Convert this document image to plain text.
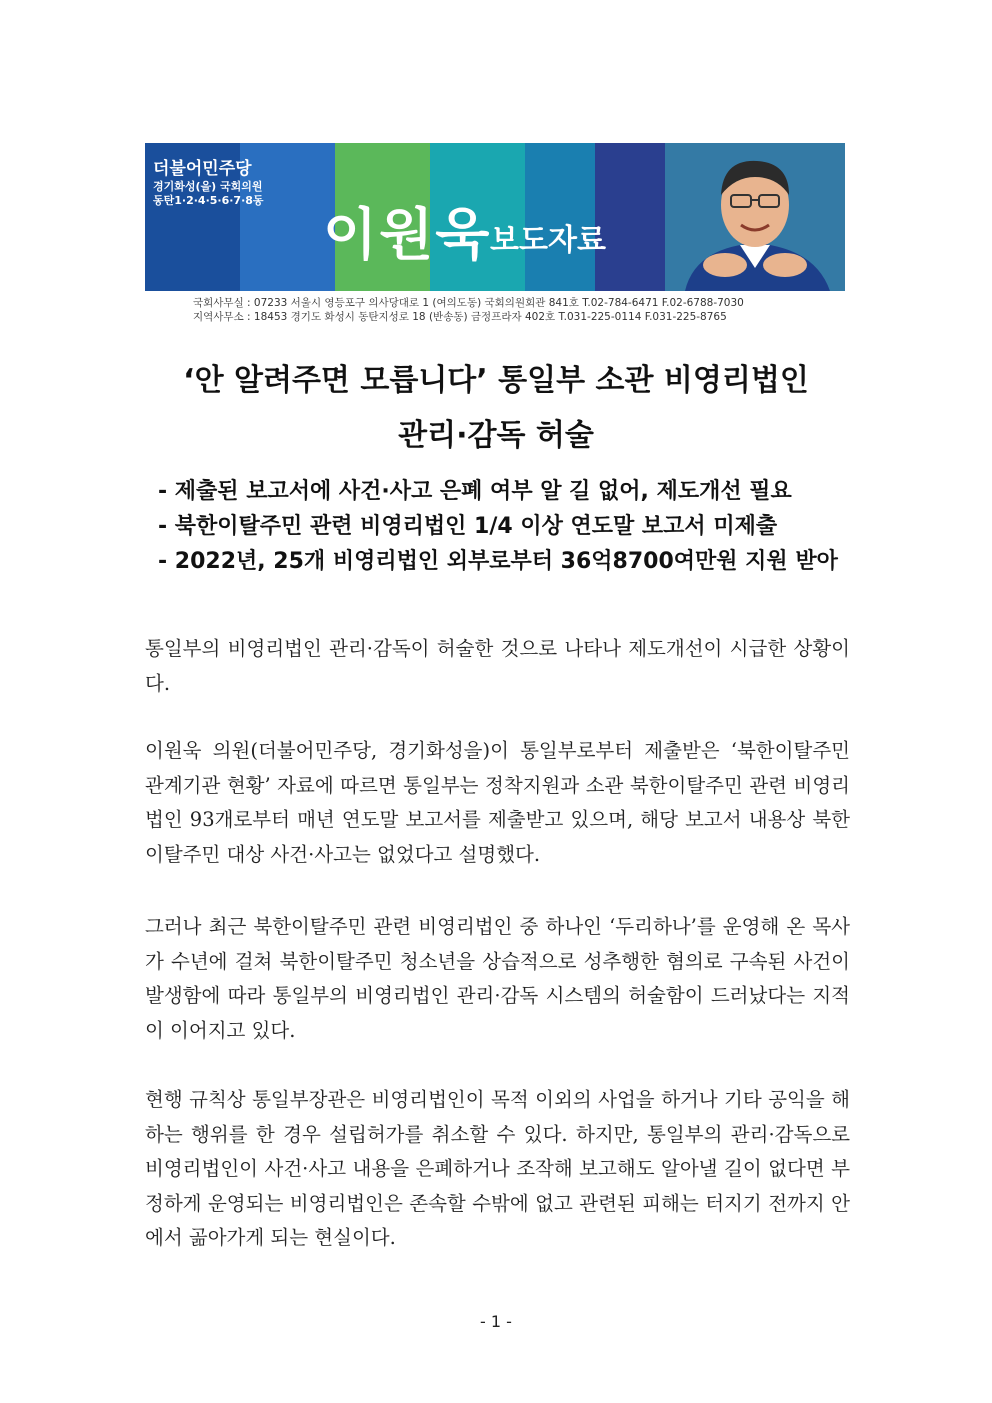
더불어민주당
경기화성(을) 국회의원
동탄1·2·4·5·6·7·8동
이원욱
보도자료
국회사무실 : 07233 서울시 영등포구 의사당대로 1 (여의도동) 국회의원회관 841호 T.02-784-6471 F.02-6788-7030
지역사무소 : 18453 경기도 화성시 동탄지성로 18 (반송동) 금정프라자 402호 T.031-225-0114 F.031-225-8765
‘안 알려주면 모릅니다’ 통일부 소관 비영리법인
관리·감독 허술
- 제출된 보고서에 사건·사고 은폐 여부 알 길 없어, 제도개선 필요
- 북한이탈주민 관련 비영리법인 1/4 이상 연도말 보고서 미제출
- 2022년, 25개 비영리법인 외부로부터 36억8700여만원 지원 받아
통일부의 비영리법인 관리·감독이 허술한 것으로 나타나 제도개선이 시급한 상황이다.
이원욱 의원(더불어민주당, 경기화성을)이 통일부로부터 제출받은 ‘북한이탈주민 관계기관 현황’ 자료에 따르면 통일부는 정착지원과 소관 북한이탈주민 관련 비영리법인 93개로부터 매년 연도말 보고서를 제출받고 있으며, 해당 보고서 내용상 북한이탈주민 대상 사건·사고는 없었다고 설명했다.
그러나 최근 북한이탈주민 관련 비영리법인 중 하나인 ‘두리하나’를 운영해 온 목사가 수년에 걸쳐 북한이탈주민 청소년을 상습적으로 성추행한 혐의로 구속된 사건이 발생함에 따라 통일부의 비영리법인 관리·감독 시스템의 허술함이 드러났다는 지적이 이어지고 있다.
현행 규칙상 통일부장관은 비영리법인이 목적 이외의 사업을 하거나 기타 공익을 해하는 행위를 한 경우 설립허가를 취소할 수 있다. 하지만, 통일부의 관리·감독으로 비영리법인이 사건·사고 내용을 은폐하거나 조작해 보고해도 알아낼 길이 없다면 부정하게 운영되는 비영리법인은 존속할 수밖에 없고 관련된 피해는 터지기 전까지 안에서 곪아가게 되는 현실이다.
- 1 -
